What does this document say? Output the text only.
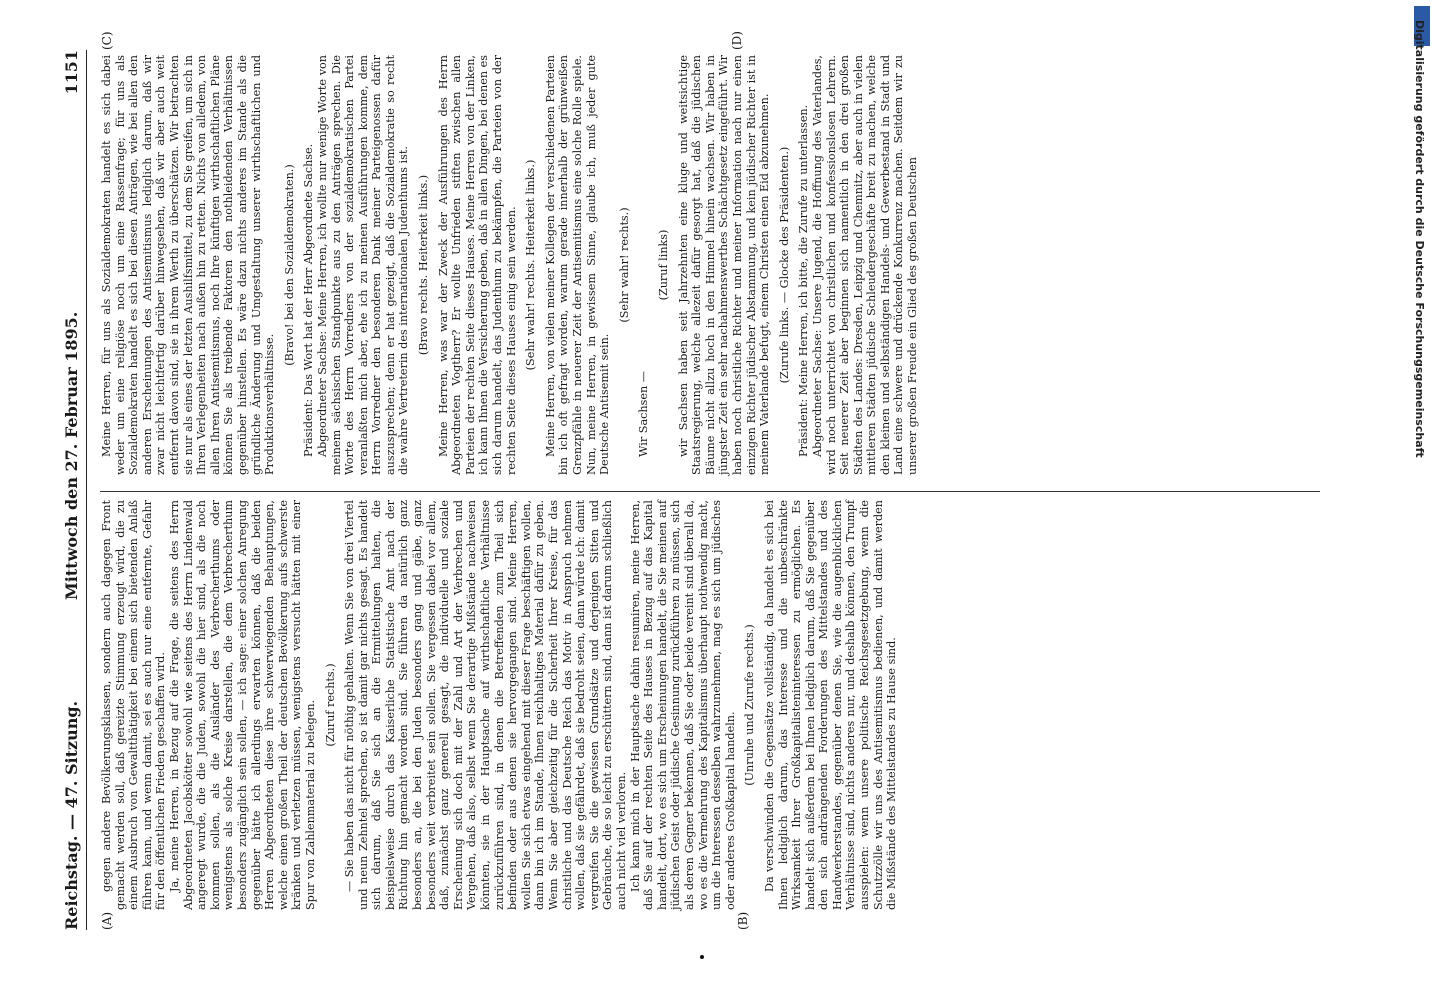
Reichstag. — 47. Sitzung.
Mittwoch den 27. Februar 1895.
1151
(A)	(B)
(C)	(D)

gegen andere Bevölkerungsklassen, sondern auch dagegen Front gemacht werden soll, daß gereizte Stimmung erzeugt wird, die zu einem Ausbruch von Gewaltthätigkeit bei einem sich bietenden Anlaß führen kann, und wenn damit, sei es auch nur eine entfernte, Gefahr für den öffentlichen Frieden geschaffen wird. Ja, meine Herren, in Bezug auf die Frage, die seitens des Herrn Abgeordneten Jacobskötter sowohl wie seitens des Herrn Lindenwald angeregt wurde, die die Juden, sowohl die hier sind, als die noch kommen sollen, als die Ausländer des Verbrecherthums oder wenigstens als solche Kreise darstellen, die dem Verbrecherthum besonders zugänglich sein sollen, — ich sage: einer solchen Anregung gegenüber hätte ich allerdings erwarten können, daß die beiden Herren Abgeordneten diese ihre schwerwiegenden Behauptungen, welche einen großen Theil der deutschen Bevölkerung aufs schwerste kränken und verletzen müssen, wenigstens versucht hätten mit einer Spur von Zahlenmaterial zu belegen. (Zuruf rechts.) — Sie haben das nicht für nöthig gehalten. Wenn Sie von drei Viertel und neun Zehntel sprechen, so ist damit gar nichts gesagt. Es handelt sich darum, daß Sie sich an die Ermittelungen halten, die beispielsweise durch das Kaiserliche Statistische Amt nach der Richtung hin gemacht worden sind. Sie führen da natürlich ganz besonders an, die bei den Juden besonders gang und gäbe, ganz besonders weit verbreitet sein sollen. Sie vergessen dabei vor allem, daß, zunächst ganz generell gesagt, die individuelle und soziale Erscheinung sich doch mit der Zahl und Art der Verbrechen und Vergehen, daß also, selbst wenn Sie derartige Mißstände nachweisen könnten, sie in der Hauptsache auf wirthschaftliche Verhältnisse zurückzuführen sind, in denen die Betreffenden zum Theil sich befinden oder aus denen sie hervorgegangen sind. Meine Herren, wollen Sie sich etwas eingehend mit dieser Frage beschäftigen wollen, dann bin ich im Stande, Ihnen reichhaltiges Material dafür zu geben. Wenn Sie aber gleichzeitig für die Sicherheit Ihrer Kreise, für das christliche und das Deutsche Reich das Motiv in Anspruch nehmen wollen, daß sie gefährdet, daß sie bedroht seien, dann würde ich: damit vergreifen Sie die gewissen Grundsätze und derjenigen Sitten und Gebräuche, die so leicht zu erschüttern sind, dann ist darum schließlich auch nicht viel verloren. Ich kann mich in der Hauptsache dahin resumiren, meine Herren, daß Sie auf der rechten Seite des Hauses in Bezug auf das Kapital handelt, dort, wo es sich um Erscheinungen handelt, die Sie meinen auf jüdischen Geist oder jüdische Gesinnung zurückführen zu müssen, sich als deren Gegner bekennen, daß Sie oder beide vereint sind überall da, wo es die Vermehrung des Kapitalismus überhaupt nothwendig macht, um die Interessen desselben wahrzunehmen, mag es sich um jüdisches oder anderes Großkapital handeln.

(Unruhe und Zurufe rechts.) Da verschwinden die Gegensätze vollständig, da handelt es sich bei Ihnen lediglich darum, das Interesse und die unbeschränkte Wirksamkeit Ihrer Großkapitalisteninteressen zu ermöglichen. Es handelt sich außerdem bei Ihnen lediglich darum, daß Sie gegenüber den sich andrängenden Forderungen des Mittelstandes und des Handwerkerstandes, gegenüber denen Sie, wie die augenblicklichen Verhältnisse sind, nichts anderes nur, und deshalb können, den Trumpf ausspielen: wenn unsere politische Reichsgesetzgebung, wenn die Schutzzölle wir uns des Antisemitismus bedienen, und damit werden die Mißstände des Mittelstandes zu Hause sind.

Meine Herren, für uns als Sozialdemokraten handelt es sich dabei weder um eine religiöse noch um eine Rassenfrage; für uns als Sozialdemokraten handelt es sich bei diesen Anträgen, wie bei allen den anderen Erscheinungen des Antisemitismus lediglich darum, daß wir zwar nicht leichtfertig darüber hinwegsehen, daß wir aber auch weit entfernt davon sind, sie in ihrem Werth zu überschätzen. Wir betrachten sie nur als eines der letzten Aushilfsmittel, zu dem Sie greifen, um sich in Ihren Verlegenheiten nach außen hin zu retten. Nichts von alledem, von allen Ihren Antisemitismus, noch Ihre künftigen wirthschaftlichen Pläne können Sie als treibende Faktoren den nothleidenden Verhältnissen gegenüber hinstellen. Es wäre dazu nichts anderes im Stande als die gründliche Änderung und Umgestaltung unserer wirthschaftlichen und Produktionsverhältnisse.

(Bravo! bei den Sozialdemokraten.) Präsident: Das Wort hat der Herr Abgeordnete Sachse. Abgeordneter Sachse: Meine Herren, ich wollte nur wenige Worte von meinem sächsischen Standpunkte aus zu den Anträgen sprechen. Die Worte des Herrn Vorredners von der sozialdemokratischen Partei veranlaßten mich aber, ehe ich zu meinen Ausführungen komme, dem Herrn Vorredner den besonderen Dank meiner Parteigenossen dafür auszusprechen; denn er hat gezeigt, daß die Sozialdemokratie so recht die wahre Vertreterin des internationalen Judenthums ist. (Bravo rechts. Heiterkeit links.) Meine Herren, was war der Zweck der Ausführungen des Herrn Abgeordneten Vogtherr? Er wollte Unfrieden stiften zwischen allen Parteien der rechten Seite dieses Hauses. Meine Herren von der Linken, ich kann Ihnen die Versicherung geben, daß in allen Dingen, bei denen es sich darum handelt, das Judenthum zu bekämpfen, die Parteien von der rechten Seite dieses Hauses einig sein werden. (Sehr wahr! rechts. Heiterkeit links.) Meine Herren, von vielen meiner Kollegen der verschiedenen Parteien bin ich oft gefragt worden, warum gerade innerhalb der grünweißen Grenzpfähle in neuerer Zeit der Antisemitismus eine solche Rolle spiele. Nun, meine Herren, in gewissem Sinne, glaube ich, muß jeder gute Deutsche Antisemit sein.

(Sehr wahr! rechts.)

Wir Sachsen —

(Zuruf links) wir Sachsen haben seit Jahrzehnten eine kluge und weitsichtige Staatsregierung, welche allezeit dafür gesorgt hat, daß die jüdischen Bäume nicht allzu hoch in den Himmel hinein wachsen. Wir haben in jüngster Zeit ein sehr nachahmenswerthes Schächtgesetz eingeführt. Wir haben noch christliche Richter und meiner Information nach nur einen einzigen Richter jüdischer Abstammung, und kein jüdischer Richter ist in meinem Vaterlande befugt, einem Christen einen Eid abzunehmen. (Zurufe links. — Glocke des Präsidenten.) Präsident: Meine Herren, ich bitte, die Zurufe zu unterlassen. Abgeordneter Sachse: Unsere Jugend, die Hoffnung des Vaterlandes, wird noch unterrichtet von christlichen und konfessionslosen Lehrern. Seit neuerer Zeit aber beginnen sich namentlich in den drei großen Städten des Landes: Dresden, Leipzig und Chemnitz, aber auch in vielen mittleren Städten jüdische Schleudergeschäfte breit zu machen, welche den kleinen und selbständigen Handels- und Gewerbestand in Stadt und Land eine schwere und drückende Konkurrenz machen. Seitdem wir zu unserer großen Freude ein Glied des großen Deutschen	Digitalisierung gefördert durch die Deutsche Forschungsgemeinschaft
